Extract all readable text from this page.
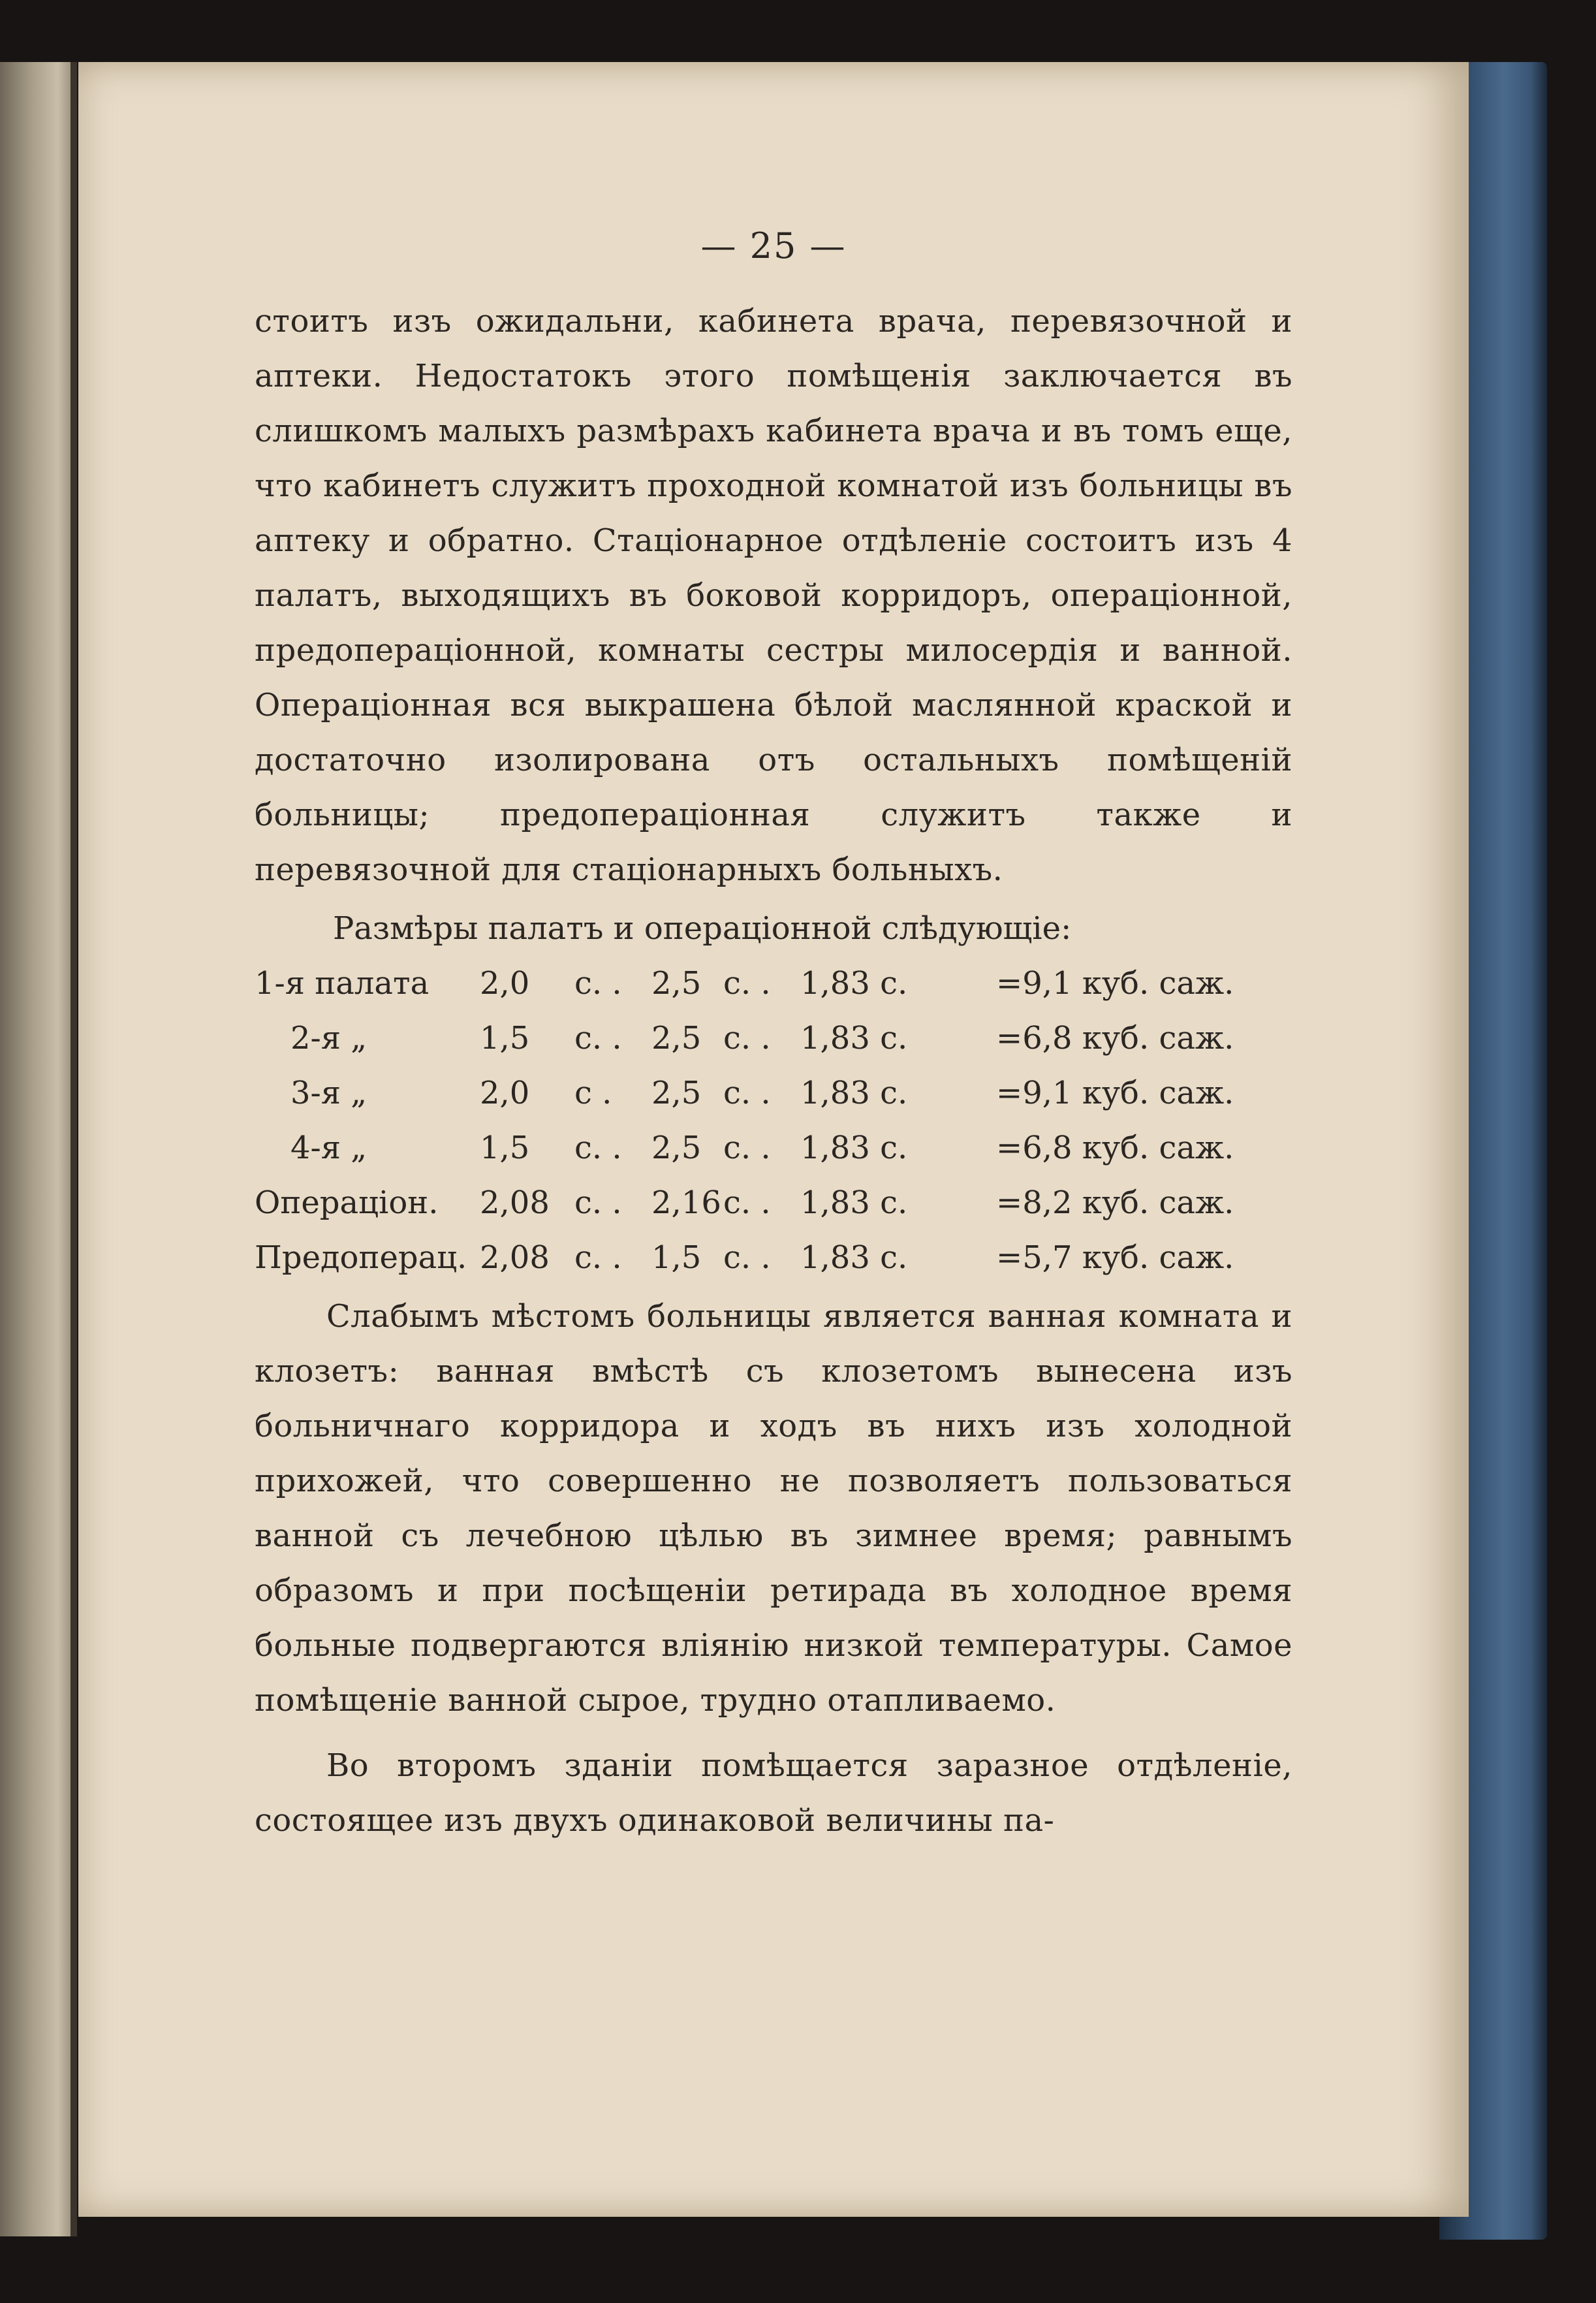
— 25 —

стоитъ изъ ожидальни, кабинета врача, перевязочной и аптеки. Недостатокъ этого помѣщенія заключается въ слишкомъ малыхъ размѣрахъ кабинета врача и въ томъ еще, что кабинетъ служитъ проходной комнатой изъ больницы въ аптеку и обратно. Стаціонарное отдѣленіе состоитъ изъ 4 палатъ, выходящихъ въ боковой корридоръ, операціонной, предоперацiонной, комнаты сестры милосердія и ванной. Операціонная вся выкрашена бѣлой маслянной краской и достаточно изолирована отъ остальныхъ помѣщеній больницы; предоперацiонная служитъ также и перевязочной для стаціонарныхъ больныхъ.

Размѣры палатъ и операціонной слѣдующіе:

1-я палата	2,0	с. .	2,5	с. .	1,83 с.	=9,1 куб. саж.
2-я „	1,5	с. .	2,5	с. .	1,83 с.	=6,8 куб. саж.
3-я „	2,0	с .	2,5	с. .	1,83 с.	=9,1 куб. саж.
4-я „	1,5	с. .	2,5	с. .	1,83 с.	=6,8 куб. саж.
Операціон.	2,08	с. .	2,16	с. .	1,83 с.	=8,2 куб. саж.
Предоперац.	2,08	с. .	1,5	с. .	1,83 с.	=5,7 куб. саж.

Слабымъ мѣстомъ больницы является ванная комната и клозетъ: ванная вмѣстѣ съ клозетомъ вынесена изъ больничнаго корридора и ходъ въ нихъ изъ холодной прихожей, что совершенно не позволяетъ пользоваться ванной съ лечебною цѣлью въ зимнее время; равнымъ образомъ и при посѣщеніи ретирада въ холодное время больные подвергаются вліянію низкой температуры. Самое помѣщеніе ванной сырое, трудно отапливаемо.

Во второмъ зданіи помѣщается заразное отдѣленіе, состоящее изъ двухъ одинаковой величины па-
